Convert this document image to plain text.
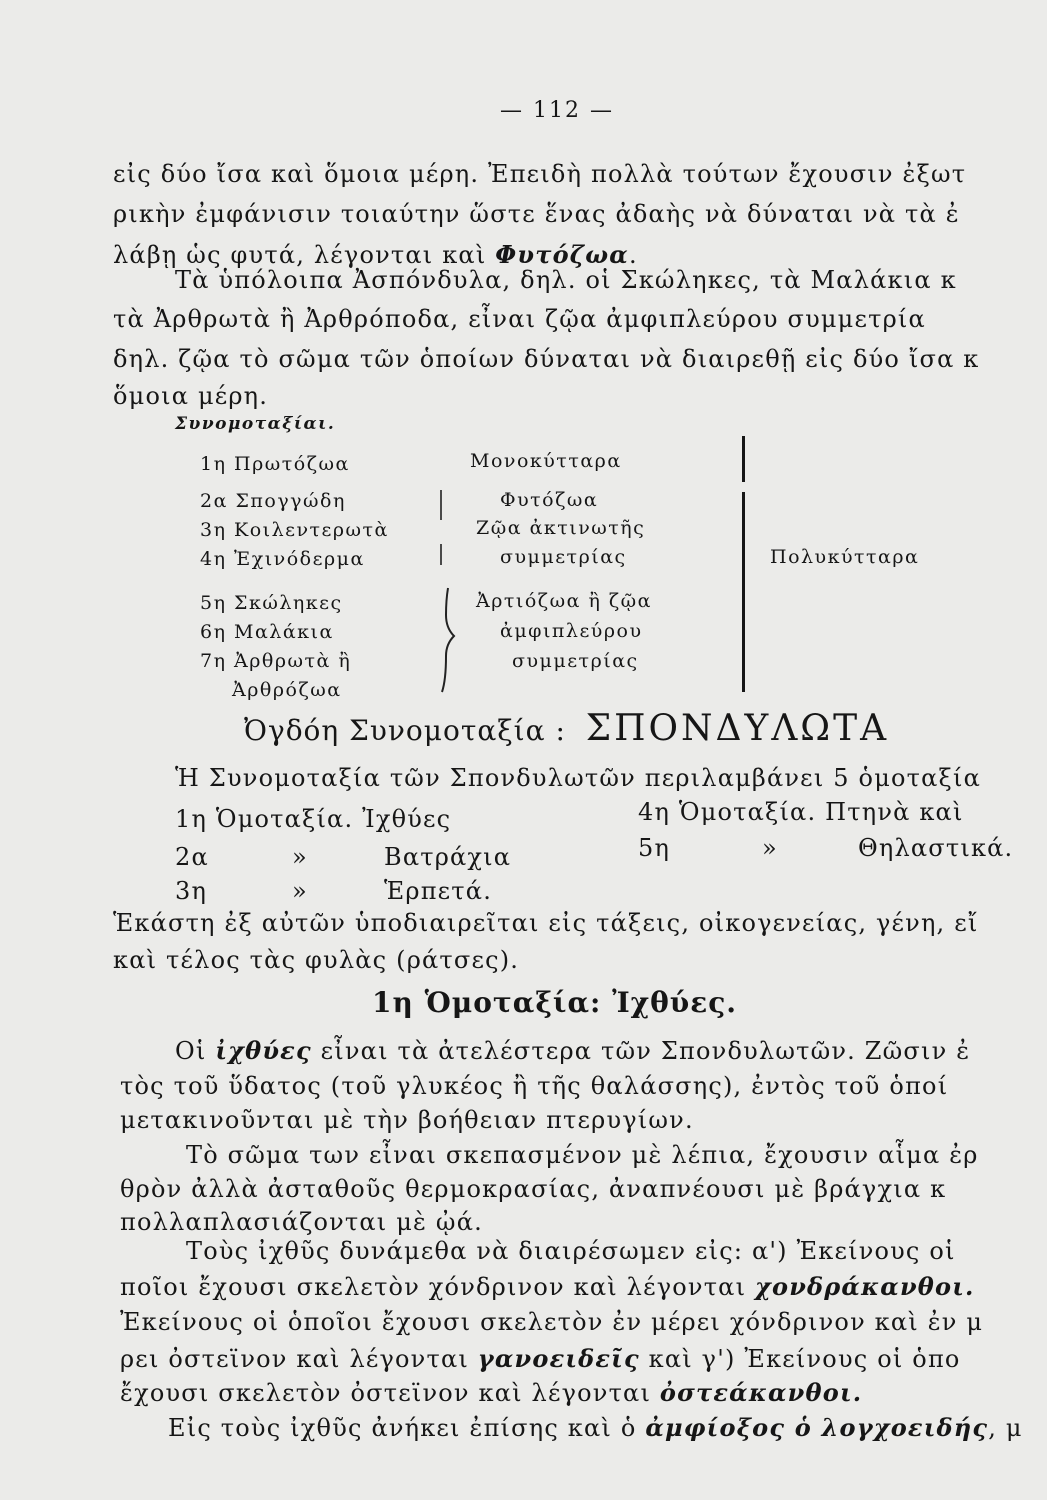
— 112 —
εἰς δύο ἴσα καὶ ὅμοια μέρη. Ἐπειδὴ πολλὰ τούτων ἔχουσιν ἐξωτ
ρικὴν ἐμφάνισιν τοιαύτην ὥστε ἕνας ἀδαὴς νὰ δύναται νὰ τὰ ἐ
λάβῃ ὡς φυτά, λέγονται καὶ Φυτόζωα.
Τὰ ὑπόλοιπα Ἀσπόνδυλα, δηλ. οἱ Σκώληκες, τὰ Μαλάκια κ
τὰ Ἀρθρωτὰ ἢ Ἀρθρόποδα, εἶναι ζῷα ἀμφιπλεύρου συμμετρία
δηλ. ζῷα τὸ σῶμα τῶν ὁποίων δύναται νὰ διαιρεθῇ εἰς δύο ἴσα κ
ὅμοια μέρη.
Συνομοταξίαι.
1η Πρωτόζωα
2α Σπογγώδη
3η Κοιλεντερωτὰ
4η Ἐχινόδερμα
5η Σκώληκες
6η Μαλάκια
7η Ἀρθρωτὰ ἢ
Ἀρθρόζωα
Μονοκύτταρα
Φυτόζωα
Ζῷα ἀκτινωτῆς
συμμετρίας
Ἀρτιόζωα ἢ ζῷα
ἀμφιπλεύρου
συμμετρίας
Πολυκύτταρα
Ὀγδόη Συνομοταξία : ΣΠΟΝΔΥΛΩΤΑ
Ἡ Συνομοταξία τῶν Σπονδυλωτῶν περιλαμβάνει 5 ὁμοταξία
1η Ὁμοταξία. Ἰχθύες
2α	»	Βατράχια
3η	»	Ἑρπετά.
4η Ὁμοταξία. Πτηνὰ καὶ
5η	»	Θηλαστικά.
Ἑκάστη ἐξ αὐτῶν ὑποδιαιρεῖται εἰς τάξεις, οἰκογενείας, γένη, εἴ
καὶ τέλος τὰς φυλὰς (ράτσες).
1η Ὁμοταξία: Ἰχθύες.
Οἱ ἰχθύες εἶναι τὰ ἀτελέστερα τῶν Σπονδυλωτῶν. Ζῶσιν ἐ
τὸς τοῦ ὕδατος (τοῦ γλυκέος ἢ τῆς θαλάσσης), ἐντὸς τοῦ ὁποί
μετακινοῦνται μὲ τὴν βοήθειαν πτερυγίων.
Τὸ σῶμα των εἶναι σκεπασμένον μὲ λέπια, ἔχουσιν αἷμα ἐρ
θρὸν ἀλλὰ ἀσταθοῦς θερμοκρασίας, ἀναπνέουσι μὲ βράγχια κ
πολλαπλασιάζονται μὲ ᾠά.
Τοὺς ἰχθῦς δυνάμεθα νὰ διαιρέσωμεν εἰς: α') Ἐκείνους οἱ
ποῖοι ἔχουσι σκελετὸν χόνδρινον καὶ λέγονται χονδράκανθοι.
Ἐκείνους οἱ ὁποῖοι ἔχουσι σκελετὸν ἐν μέρει χόνδρινον καὶ ἐν μ
ρει ὀστεϊνον καὶ λέγονται γανοειδεῖς καὶ γ') Ἐκείνους οἱ ὁπο
ἔχουσι σκελετὸν ὀστεϊνον καὶ λέγονται ὀστεάκανθοι.
Εἰς τοὺς ἰχθῦς ἀνήκει ἐπίσης καὶ ὁ ἀμφίοξος ὁ λογχοειδής, μ
